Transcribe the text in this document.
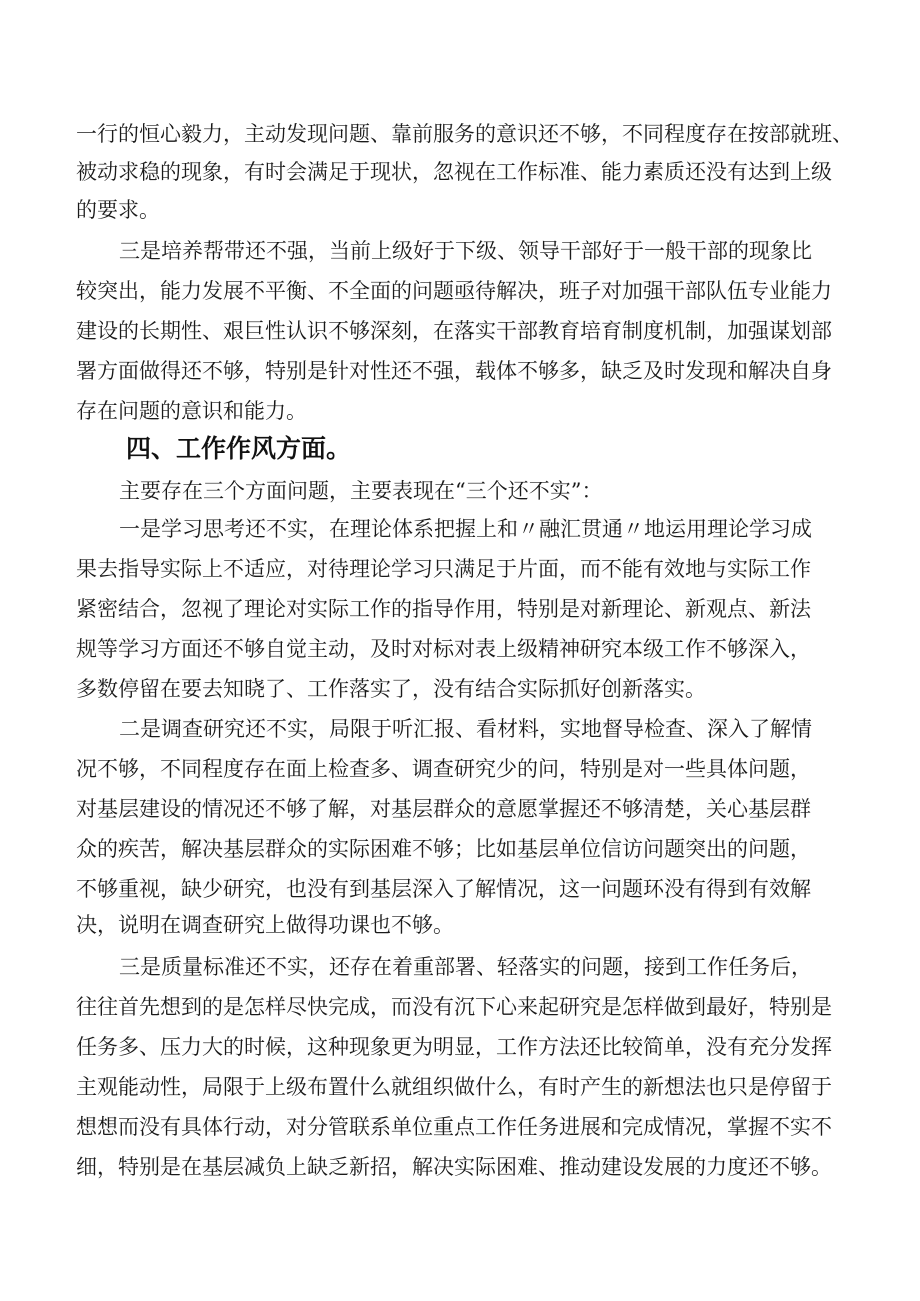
一行的恒心毅力，主动发现问题、靠前服务的意识还不够，不同程度存在按部就班、
被动求稳的现象，有时会满足于现状，忽视在工作标准、能力素质还没有达到上级
的要求。
三是培养帮带还不强，当前上级好于下级、领导干部好于一般干部的现象比
较突出，能力发展不平衡、不全面的问题亟待解决，班子对加强干部队伍专业能力
建设的长期性、艰巨性认识不够深刻，在落实干部教育培育制度机制，加强谋划部
署方面做得还不够，特别是针对性还不强，载体不够多，缺乏及时发现和解决自身
存在问题的意识和能力。
四、工作作风方面。
主要存在三个方面问题，主要表现在“三个还不实”：
一是学习思考还不实，在理论体系把握上和〃融汇贯通〃地运用理论学习成
果去指导实际上不适应，对待理论学习只满足于片面，而不能有效地与实际工作
紧密结合，忽视了理论对实际工作的指导作用，特别是对新理论、新观点、新法
规等学习方面还不够自觉主动，及时对标对表上级精神研究本级工作不够深入，
多数停留在要去知晓了、工作落实了，没有结合实际抓好创新落实。
二是调查研究还不实，局限于听汇报、看材料，实地督导检查、深入了解情
况不够，不同程度存在面上检查多、调查研究少的问，特别是对一些具体问题，
对基层建设的情况还不够了解，对基层群众的意愿掌握还不够清楚，关心基层群
众的疾苦，解决基层群众的实际困难不够；比如基层单位信访问题突出的问题，
不够重视，缺少研究，也没有到基层深入了解情况，这一问题环没有得到有效解
决，说明在调查研究上做得功课也不够。
三是质量标准还不实，还存在着重部署、轻落实的问题，接到工作任务后，
往往首先想到的是怎样尽快完成，而没有沉下心来起研究是怎样做到最好，特别是
任务多、压力大的时候，这种现象更为明显，工作方法还比较简单，没有充分发挥
主观能动性，局限于上级布置什么就组织做什么，有时产生的新想法也只是停留于
想想而没有具体行动，对分管联系单位重点工作任务进展和完成情况，掌握不实不
细，特别是在基层减负上缺乏新招，解决实际困难、推动建设发展的力度还不够。
